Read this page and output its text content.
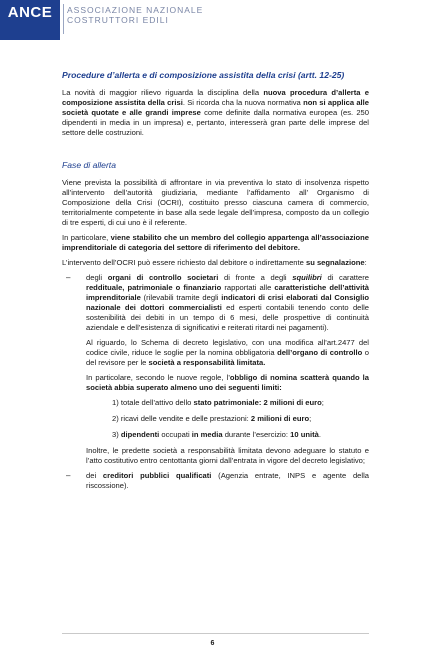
ANCE	ASSOCIAZIONE NAZIONALE
COSTRUTTORI EDILI
Procedure d’allerta e di composizione assistita della crisi (artt. 12-25)

La novità di maggior rilievo riguarda la disciplina della nuova procedura d’allerta e composizione assistita della crisi. Si ricorda cha la nuova normativa non si applica alle società quotate e alle grandi imprese come definite dalla normativa europea (es. 250 dipendenti in media in un impresa) e, pertanto, interesserà gran parte delle imprese del settore delle costruzioni.

Fase di allerta

Viene prevista la possibilità di affrontare in via preventiva lo stato di insolvenza rispetto all’intervento dell’autorità giudiziaria, mediante l’affidamento all’ Organismo di Composizione della Crisi (OCRI), costituito presso ciascuna camera di commercio, territorialmente competente in base alla sede legale dell’impresa, composto da un collegio di tre esperti, di cui uno è il referente.

In particolare, viene stabilito che un membro del collegio appartenga all’associazione imprenditoriale di categoria del settore di riferimento del debitore.

L’intervento dell’OCRI può essere richiesto dal debitore o indirettamente su segnalazione:

– degli organi di controllo societari di fronte a degli squilibri di carattere reddituale, patrimoniale o finanziario rapportati alle caratteristiche dell’attività imprenditoriale (rilevabili tramite degli indicatori di crisi elaborati dal Consiglio nazionale dei dottori commercialisti ed esperti contabili tenendo conto delle sostenibilità dei debiti in un tempo di 6 mesi, delle prospettive di continuità aziendale e dell’esistenza di significativi e reiterati ritardi nei pagamenti).

Al riguardo, lo Schema di decreto legislativo, con una modifica all’art.2477 del codice civile, riduce le soglie per la nomina obbligatoria dell’organo di controllo o del revisore per le società a responsabilità limitata.

In particolare, secondo le nuove regole, l’obbligo di nomina scatterà quando la società abbia superato almeno uno dei seguenti limiti:

1) totale dell’attivo dello stato patrimoniale: 2 milioni di euro;
2) ricavi delle vendite e delle prestazioni: 2 milioni di euro;
3) dipendenti occupati in media durante l’esercizio: 10 unità.

Inoltre, le predette società a responsabilità limitata devono adeguare lo statuto e l’atto costitutivo entro centottanta giorni dall’entrata in vigore del decreto legislativo;

– dei creditori pubblici qualificati (Agenzia entrate, INPS e agente della riscossione).

6
